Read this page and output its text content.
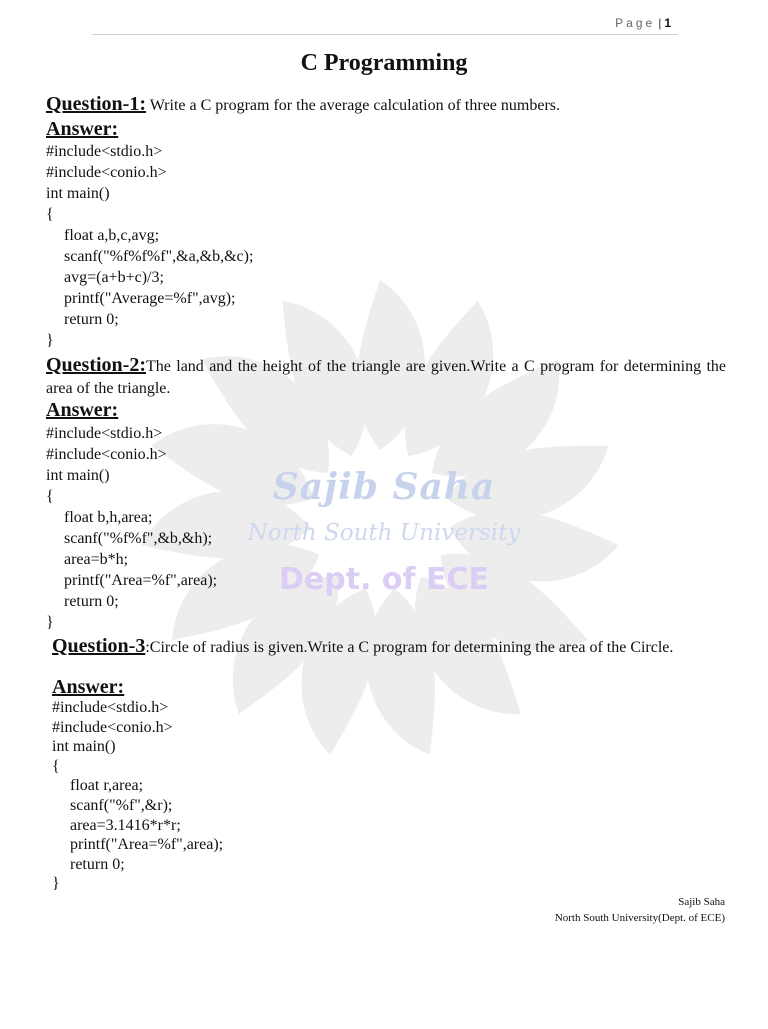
Page | 1
Sajib Saha
North South University
Dept. of ECE
C Programming
Question-1: Write a C program for the average calculation of three numbers.
Answer:
#include<stdio.h>
#include<conio.h>
int main()
{
float a,b,c,avg;
scanf("%f%f%f",&a,&b,&c);
avg=(a+b+c)/3;
printf("Average=%f",avg);
return 0;
}
Question-2:The land and the height of the triangle are given.Write a C program for determining the area of the triangle.
Answer:
#include<stdio.h>
#include<conio.h>
int main()
{
float b,h,area;
scanf("%f%f",&b,&h);
area=b*h;
printf("Area=%f",area);
return 0;
}
Question-3:Circle of radius is given.Write a C program for determining the area of the Circle.
Answer:
#include<stdio.h>
#include<conio.h>
int main()
{
float r,area;
scanf("%f",&r);
area=3.1416*r*r;
printf("Area=%f",area);
return 0;
}
Sajib Saha
North South University(Dept. of ECE)
